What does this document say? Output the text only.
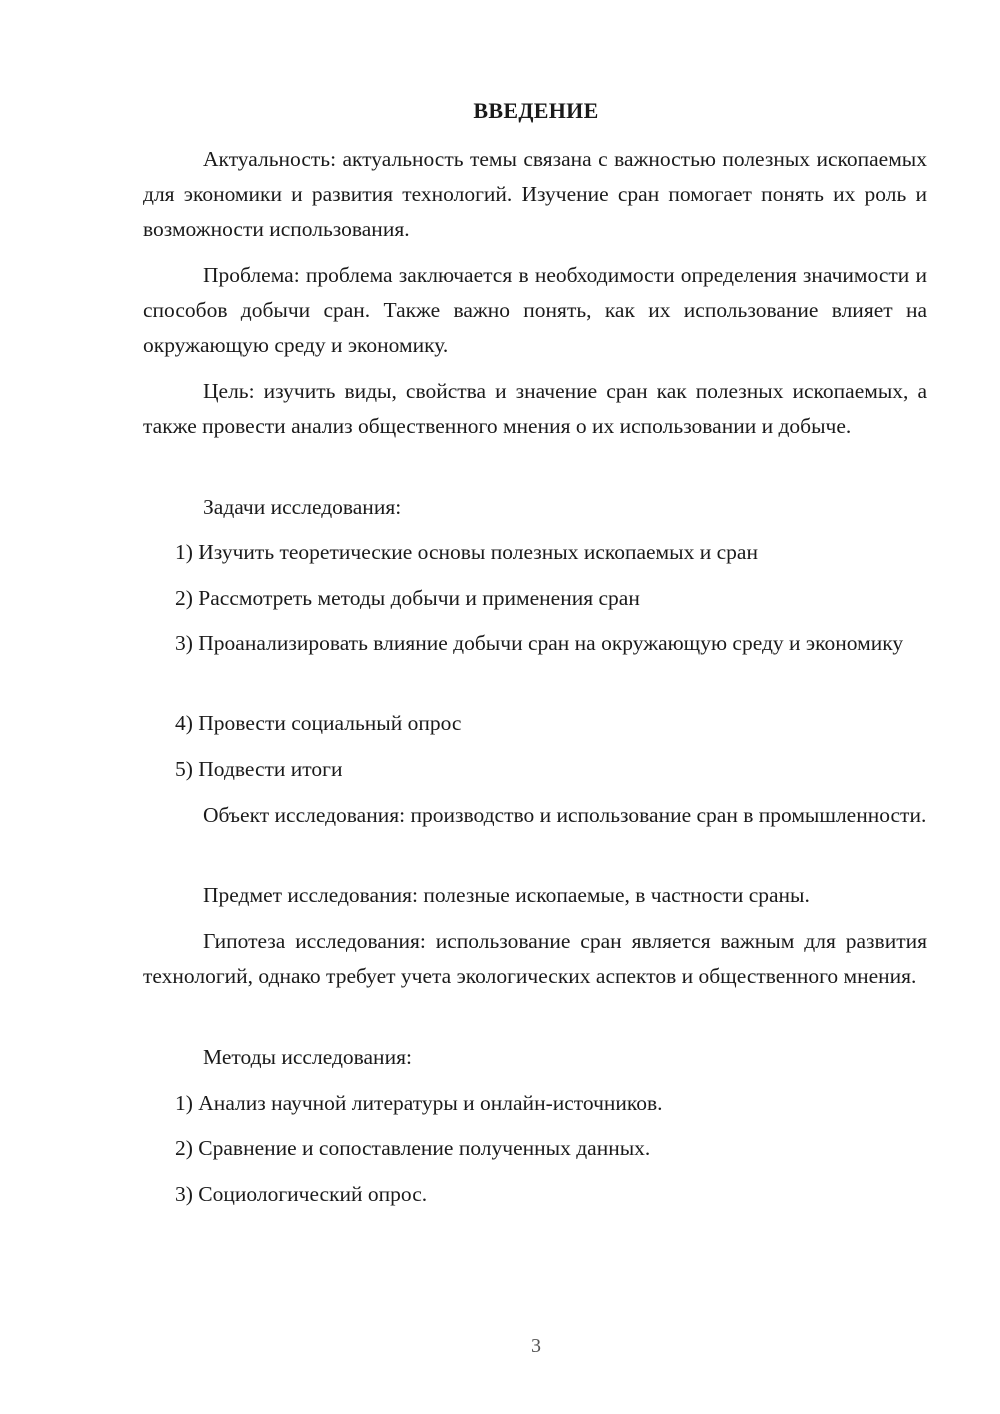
ВВЕДЕНИЕ

Актуальность: актуальность темы связана с важностью полезных ископаемых для экономики и развития технологий. Изучение сран помогает понять их роль и возможности использования.

Проблема: проблема заключается в необходимости определения значимости и способов добычи сран. Также важно понять, как их использование влияет на окружающую среду и экономику.

Цель: изучить виды, свойства и значение сран как полезных ископаемых, а также провести анализ общественного мнения о их использовании и добыче.

Задачи исследования:

1) Изучить теоретические основы полезных ископаемых и сран

2) Рассмотреть методы добычи и применения сран

3) Проанализировать влияние добычи сран на окружающую среду и экономику

4) Провести социальный опрос

5) Подвести итоги

Объект исследования: производство и использование сран в промышленности.

Предмет исследования: полезные ископаемые, в частности сраны.

Гипотеза исследования: использование сран является важным для развития технологий, однако требует учета экологических аспектов и общественного мнения.

Методы исследования:

1) Анализ научной литературы и онлайн-источников.

2) Сравнение и сопоставление полученных данных.

3) Социологический опрос.

3
